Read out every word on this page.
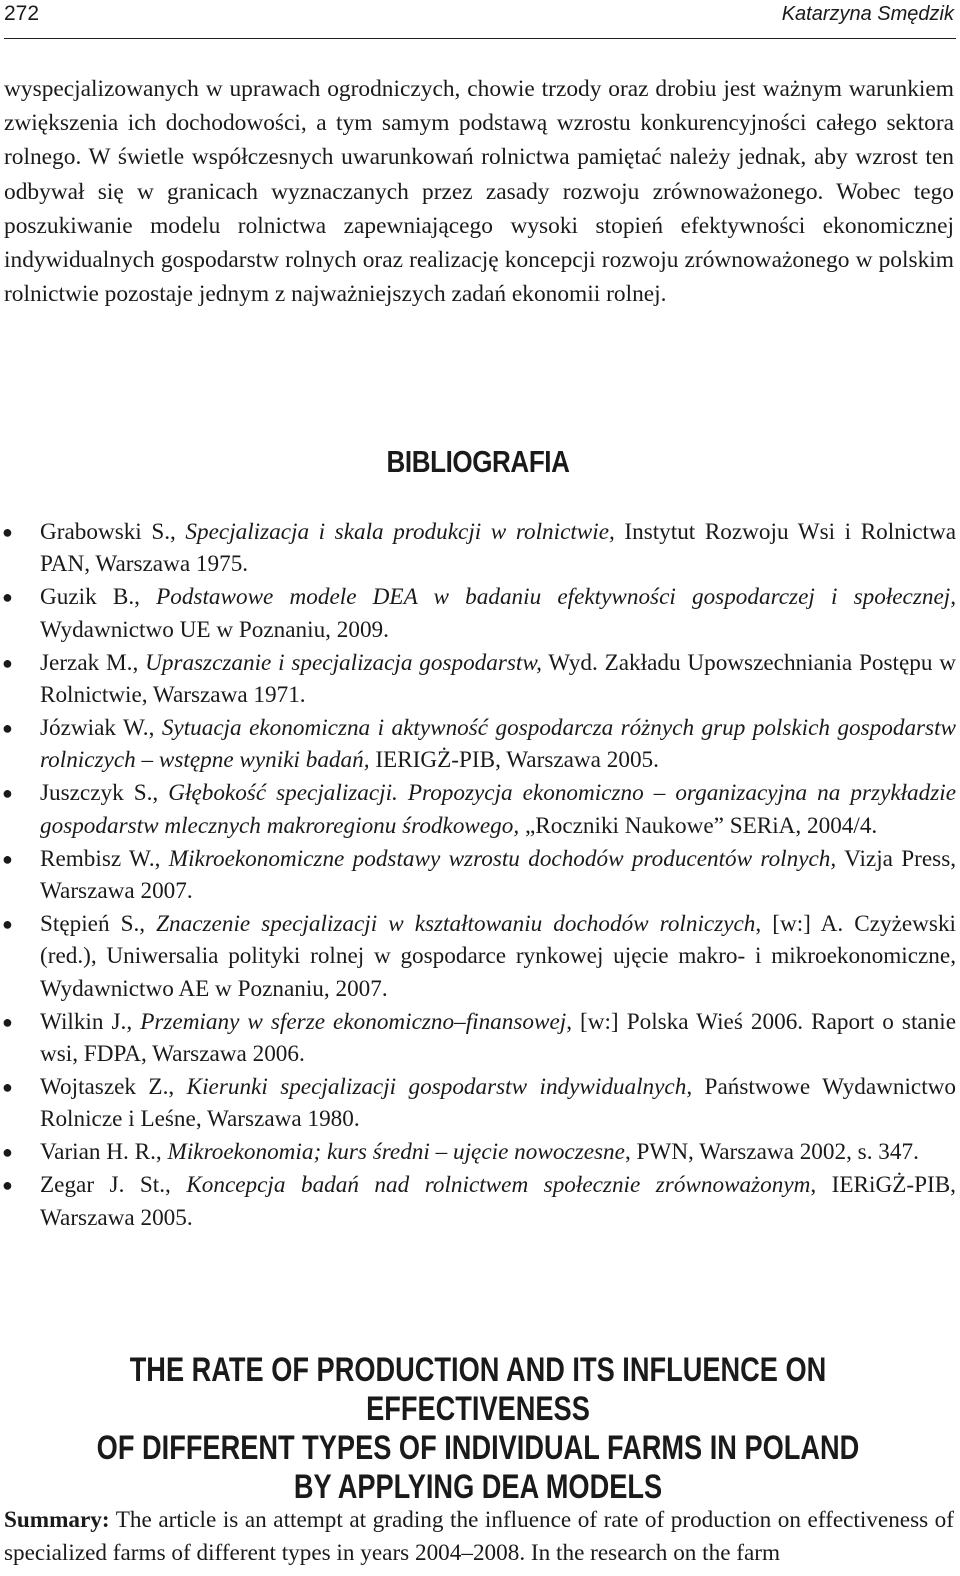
272	Katarzyna Smędzik

wyspecjalizowanych w uprawach ogrodniczych, chowie trzody oraz drobiu jest ważnym warunkiem zwiększenia ich dochodowości, a tym samym podstawą wzrostu konkurencyjności całego sektora rolnego. W świetle współczesnych uwarunkowań rolnictwa pamiętać należy jednak, aby wzrost ten odbywał się w granicach wyznaczanych przez zasady rozwoju zrównoważonego. Wobec tego poszukiwanie modelu rolnictwa zapewniającego wysoki stopień efektywności ekonomicznej indywidualnych gospodarstw rolnych oraz realizację koncepcji rozwoju zrównoważonego w polskim rolnictwie pozostaje jednym z najważniejszych zadań ekonomii rolnej.

BIBLIOGRAFIA
● Grabowski S., Specjalizacja i skala produkcji w rolnictwie, Instytut Rozwoju Wsi i Rolnictwa PAN, Warszawa 1975.
● Guzik B., Podstawowe modele DEA w badaniu efektywności gospodarczej i społecznej, Wydawnictwo UE w Poznaniu, 2009.
● Jerzak M., Upraszczanie i specjalizacja gospodarstw, Wyd. Zakładu Upowszechniania Postępu w Rolnictwie, Warszawa 1971.
● Józwiak W., Sytuacja ekonomiczna i aktywność gospodarcza różnych grup polskich gospodarstw rolniczych – wstępne wyniki badań, IERIGŻ-PIB, Warszawa 2005.
● Juszczyk S., Głębokość specjalizacji. Propozycja ekonomiczno – organizacyjna na przykładzie gospodarstw mlecznych makroregionu środkowego, „Roczniki Naukowe” SERiA, 2004/4.
● Rembisz W., Mikroekonomiczne podstawy wzrostu dochodów producentów rolnych, Vizja Press, Warszawa 2007.
● Stępień S., Znaczenie specjalizacji w kształtowaniu dochodów rolniczych, [w:] A. Czyżewski (red.), Uniwersalia polityki rolnej w gospodarce rynkowej ujęcie makro- i mikroekonomiczne, Wydawnictwo AE w Poznaniu, 2007.
● Wilkin J., Przemiany w sferze ekonomiczno–finansowej, [w:] Polska Wieś 2006. Raport o stanie wsi, FDPA, Warszawa 2006.
● Wojtaszek Z., Kierunki specjalizacji gospodarstw indywidualnych, Państwowe Wydawnictwo Rolnicze i Leśne, Warszawa 1980.
● Varian H. R., Mikroekonomia; kurs średni – ujęcie nowoczesne, PWN, Warszawa 2002, s. 347.
● Zegar J. St., Koncepcja badań nad rolnictwem społecznie zrównoważonym, IERiGŻ-PIB, Warszawa 2005.
THE RATE OF PRODUCTION AND ITS INFLUENCE ON EFFECTIVENESS
OF DIFFERENT TYPES OF INDIVIDUAL FARMS IN POLAND
BY APPLYING DEA MODELS

Summary: The article is an attempt at grading the influence of rate of production on effectiveness of specialized farms of different types in years 2004–2008. In the research on the farm
